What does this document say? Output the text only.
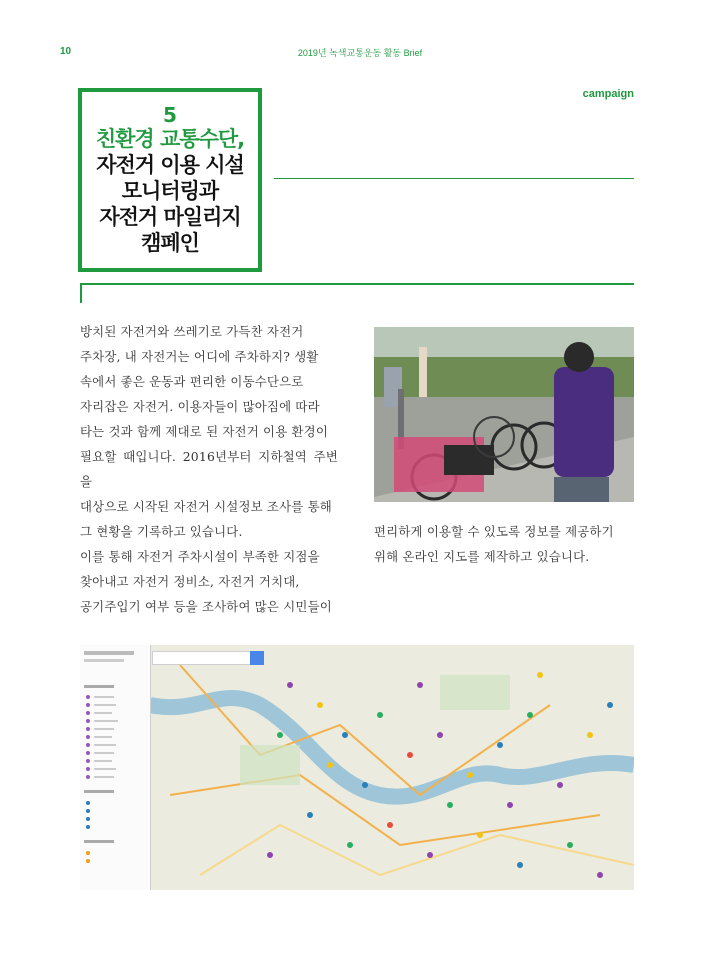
10	2019년 녹색교통운동 활동 Brief
campaign
5
친환경 교통수단,
자전거 이용 시설
모니터링과
자전거 마일리지
캠페인

방치된 자전거와 쓰레기로 가득찬 자전거

주차장, 내 자전거는 어디에 주차하지? 생활

속에서 좋은 운동과 편리한 이동수단으로

자리잡은 자전거. 이용자들이 많아짐에 따라

타는 것과 함께 제대로 된 자전거 이용 환경이

필요할 때입니다. 2016년부터 지하철역 주변을

대상으로 시작된 자전거 시설정보 조사를 통해

그 현황을 기록하고 있습니다.

이를 통해 자전거 주차시설이 부족한 지점을

찾아내고 자전거 정비소, 자전거 거치대,

공기주입기 여부 등을 조사하여 많은 시민들이

편리하게 이용할 수 있도록 정보를 제공하기

위해 온라인 지도를 제작하고 있습니다.
